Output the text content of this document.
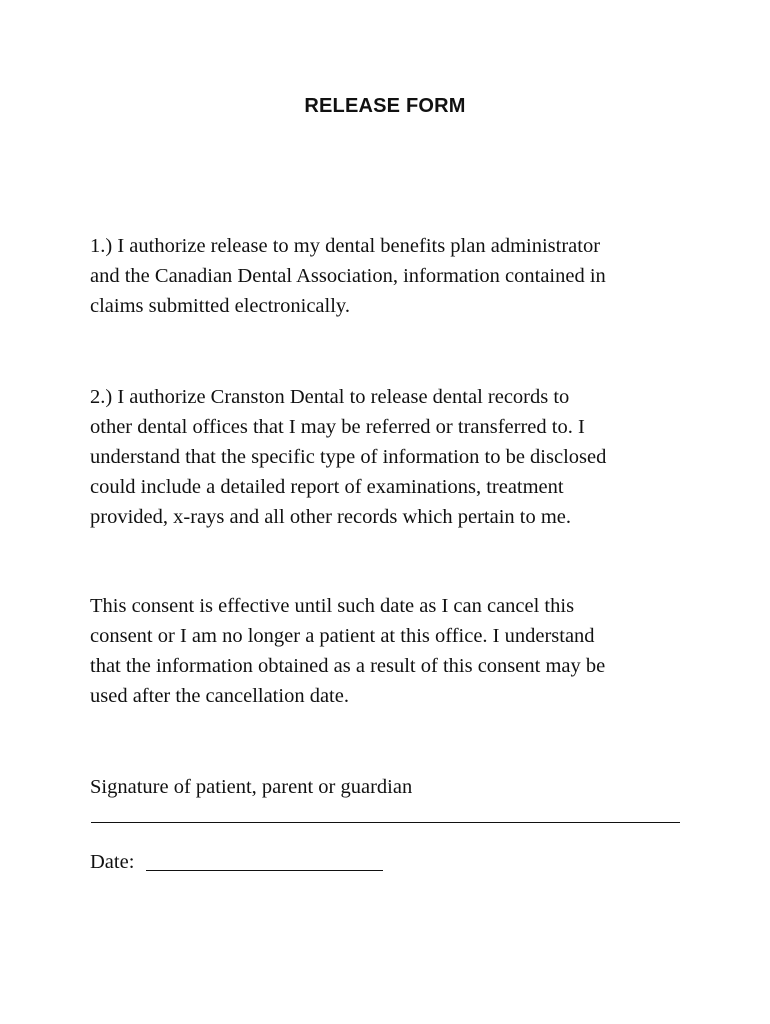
RELEASE FORM

1.) I authorize release to my dental benefits plan administrator
and the Canadian Dental Association, information contained in
claims submitted electronically.

2.) I authorize Cranston Dental to release dental records to
other dental offices that I may be referred or transferred to. I
understand that the specific type of information to be disclosed
could include a detailed report of examinations, treatment
provided, x-rays and all other records which pertain to me.

This consent is effective until such date as I can cancel this
consent or I am no longer a patient at this office. I understand
that the information obtained as a result of this consent may be
used after the cancellation date.

Signature of patient, parent or guardian

Date:
